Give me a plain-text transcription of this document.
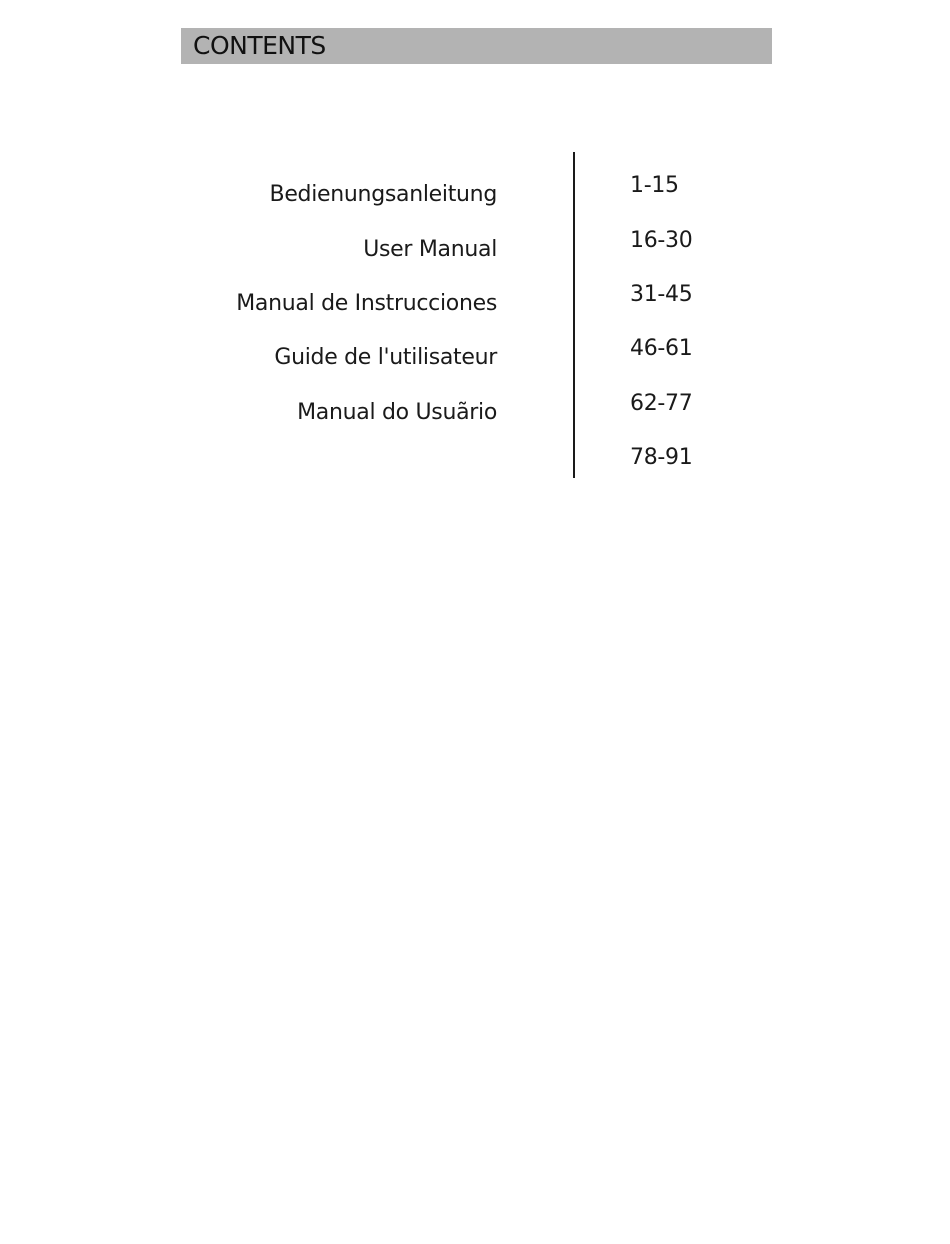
CONTENTS
Bedienungsanleitung
User Manual
Manual de Instrucciones
Guide de l'utilisateur
Manual do Usuãrio
1-15
16-30
31-45
46-61
62-77
78-91
